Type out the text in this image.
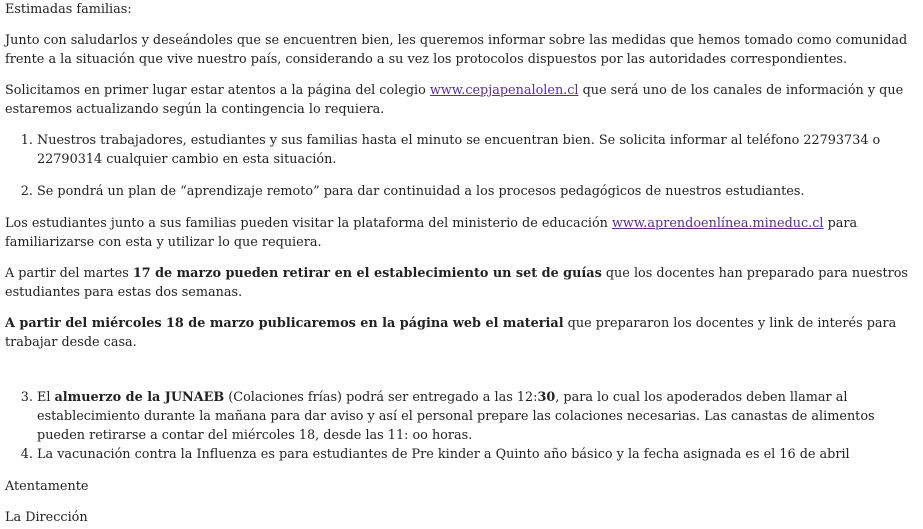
Estimadas familias:

Junto con saludarlos y deseándoles que se encuentren bien, les queremos informar sobre las medidas que hemos tomado como comunidad frente a la situación que vive nuestro país, considerando a su vez los protocolos dispuestos por las autoridades correspondientes.

Solicitamos en primer lugar estar atentos a la página del colegio www.cepjapenalolen.cl que será uno de los canales de información y que estaremos actualizando según la contingencia lo requiera.

1. Nuestros trabajadores, estudiantes y sus familias hasta el minuto se encuentran bien. Se solicita informar al teléfono 22793734 o 22790314 cualquier cambio en esta situación.
2. Se pondrá un plan de “aprendizaje remoto” para dar continuidad a los procesos pedagógicos de nuestros estudiantes.

Los estudiantes junto a sus familias pueden visitar la plataforma del ministerio de educación www.aprendoenlínea.mineduc.cl para familiarizarse con esta y utilizar lo que requiera.

A partir del martes 17 de marzo pueden retirar en el establecimiento un set de guías que los docentes han preparado para nuestros estudiantes para estas dos semanas.

A partir del miércoles 18 de marzo publicaremos en la página web el material que prepararon los docentes y link de interés para trabajar desde casa.

3. El almuerzo de la JUNAEB (Colaciones frías) podrá ser entregado a las 12:30, para lo cual los apoderados deben llamar al establecimiento durante la mañana para dar aviso y así el personal prepare las colaciones necesarias. Las canastas de alimentos pueden retirarse a contar del miércoles 18, desde las 11: oo horas.
4. La vacunación contra la Influenza es para estudiantes de Pre kinder a Quinto año básico y la fecha asignada es el 16 de abril

Atentamente

La Dirección
